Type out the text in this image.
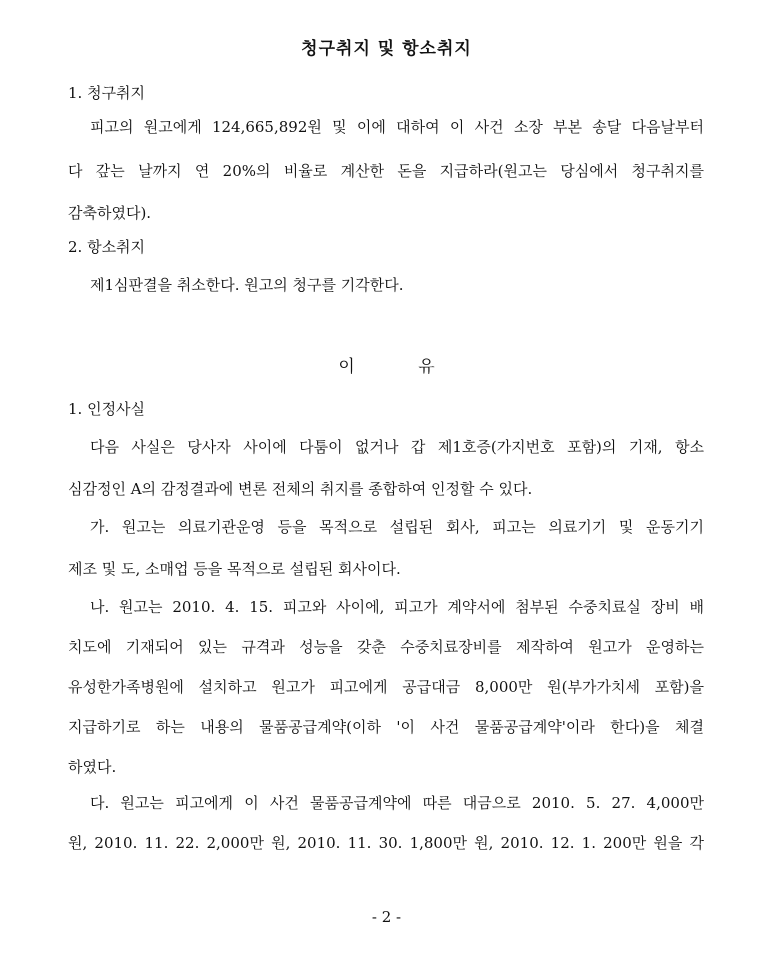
청구취지 및 항소취지
1. 청구취지
피고의 원고에게 124,665,892원 및 이에 대하여 이 사건 소장 부본 송달 다음날부터
다 갚는 날까지 연 20%의 비율로 계산한 돈을 지급하라(원고는 당심에서 청구취지를
감축하였다).
2. 항소취지
제1심판결을 취소한다. 원고의 청구를 기각한다.
이 유
1. 인정사실
다음 사실은 당사자 사이에 다툼이 없거나 갑 제1호증(가지번호 포함)의 기재, 항소
심감정인 A의 감정결과에 변론 전체의 취지를 종합하여 인정할 수 있다.
가. 원고는 의료기관운영 등을 목적으로 설립된 회사, 피고는 의료기기 및 운동기기
제조 및 도, 소매업 등을 목적으로 설립된 회사이다.
나. 원고는 2010. 4. 15. 피고와 사이에, 피고가 계약서에 첨부된 수중치료실 장비 배
치도에 기재되어 있는 규격과 성능을 갖춘 수중치료장비를 제작하여 원고가 운영하는
유성한가족병원에 설치하고 원고가 피고에게 공급대금 8,000만 원(부가가치세 포함)을
지급하기로 하는 내용의 물품공급계약(이하 '이 사건 물품공급계약'이라 한다)을 체결
하였다.
다. 원고는 피고에게 이 사건 물품공급계약에 따른 대금으로 2010. 5. 27. 4,000만
원, 2010. 11. 22. 2,000만 원, 2010. 11. 30. 1,800만 원, 2010. 12. 1. 200만 원을 각
- 2 -
